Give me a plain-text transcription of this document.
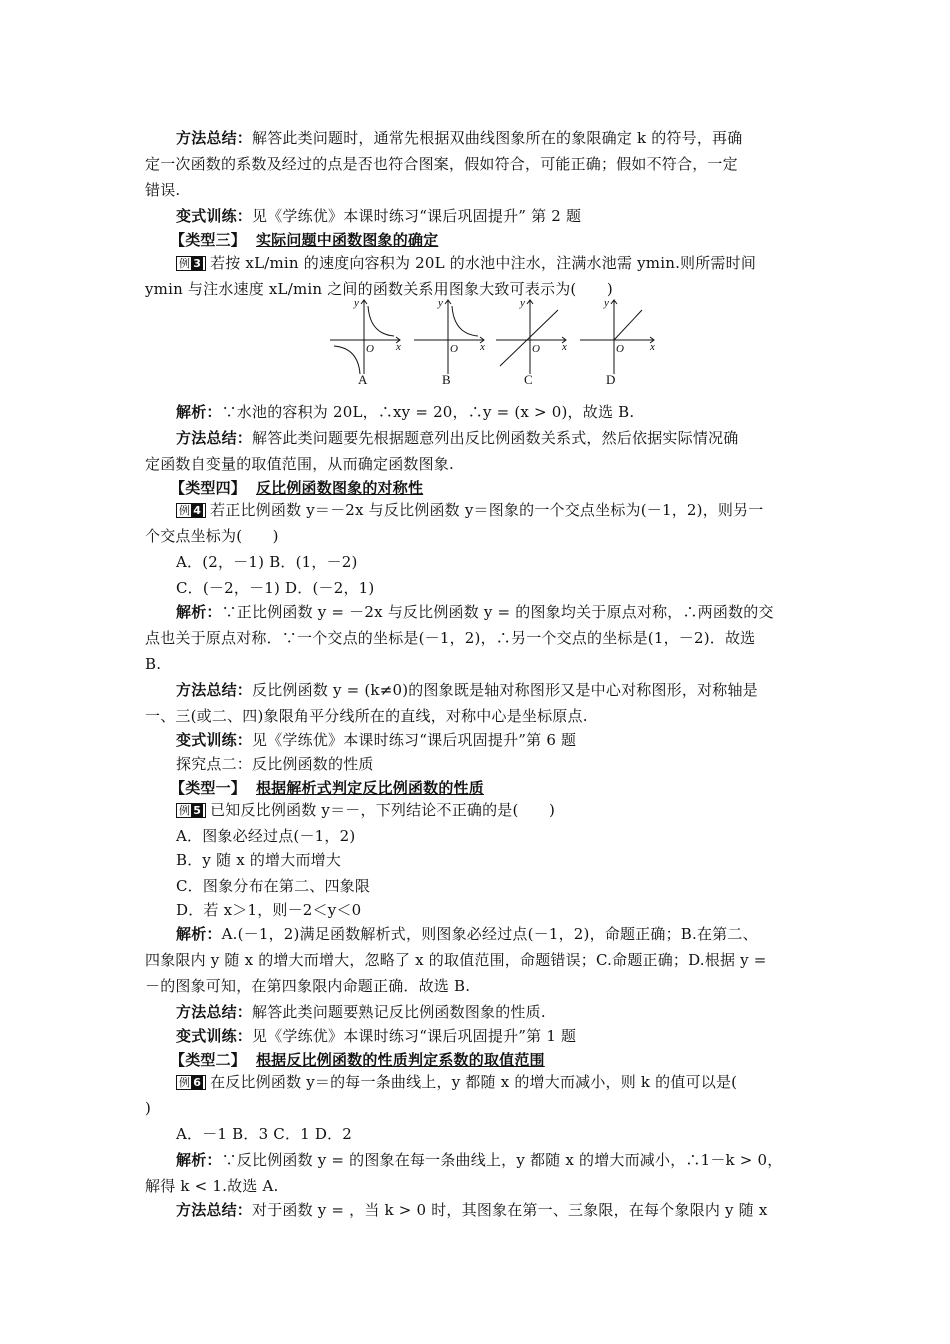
方法总结：解答此类问题时，通常先根据双曲线图象所在的象限确定 k 的符号，再确
定一次函数的系数及经过的点是否也符合图案，假如符合，可能正确；假如不符合，一定
错误.
变式训练：见《学练优》本课时练习“课后巩固提升” 第 2 题
【类型三】 实际问题中函数图象的确定
例 3 若按 xL/min 的速度向容积为 20L 的水池中注水，注满水池需 ymin.则所需时间
ymin 与注水速度 xL/min 之间的函数关系用图象大致可表示为(　　)
y
x
O
y
x
O
y
x
O
y
x
O
A	B	C	D
解析：∵水池的容积为 20L，∴xy = 20，∴y = (x > 0)，故选 B.
方法总结：解答此类问题要先根据题意列出反比例函数关系式，然后依据实际情况确
定函数自变量的取值范围，从而确定函数图象.
【类型四】 反比例函数图象的对称性
例 4 若正比例函数 y＝－2x 与反比例函数 y＝图象的一个交点坐标为(－1，2)，则另一
个交点坐标为(　　)
A．(2，－1) B．(1，－2)
C．(－2，－1) D．(－2，1)
解析：∵正比例函数 y = －2x 与反比例函数 y = 的图象均关于原点对称，∴两函数的交
点也关于原点对称．∵一个交点的坐标是(－1，2)，∴另一个交点的坐标是(1，－2)．故选
B.
方法总结：反比例函数 y = (k≠0)的图象既是轴对称图形又是中心对称图形，对称轴是
一、三(或二、四)象限角平分线所在的直线，对称中心是坐标原点.
变式训练：见《学练优》本课时练习“课后巩固提升”第 6 题
探究点二：反比例函数的性质
【类型一】 根据解析式判定反比例函数的性质
例 5 已知反比例函数 y＝－，下列结论不正确的是(　　)
A．图象必经过点(－1，2)
B．y 随 x 的增大而增大
C．图象分布在第二、四象限
D．若 x＞1，则－2＜y＜0
解析：A.(－1，2)满足函数解析式，则图象必经过点(－1，2)，命题正确；B.在第二、
四象限内 y 随 x 的增大而增大，忽略了 x 的取值范围，命题错误；C.命题正确；D.根据 y =
－的图象可知，在第四象限内命题正确．故选 B.
方法总结：解答此类问题要熟记反比例函数图象的性质.
变式训练：见《学练优》本课时练习“课后巩固提升”第 1 题
【类型二】 根据反比例函数的性质判定系数的取值范围
例 6 在反比例函数 y＝的每一条曲线上，y 都随 x 的增大而减小，则 k 的值可以是(
)
A．－1 B．3 C．1 D．2
解析：∵反比例函数 y = 的图象在每一条曲线上，y 都随 x 的增大而减小，∴1－k > 0，
解得 k < 1.故选 A.
方法总结：对于函数 y = ，当 k > 0 时，其图象在第一、三象限，在每个象限内 y 随 x
